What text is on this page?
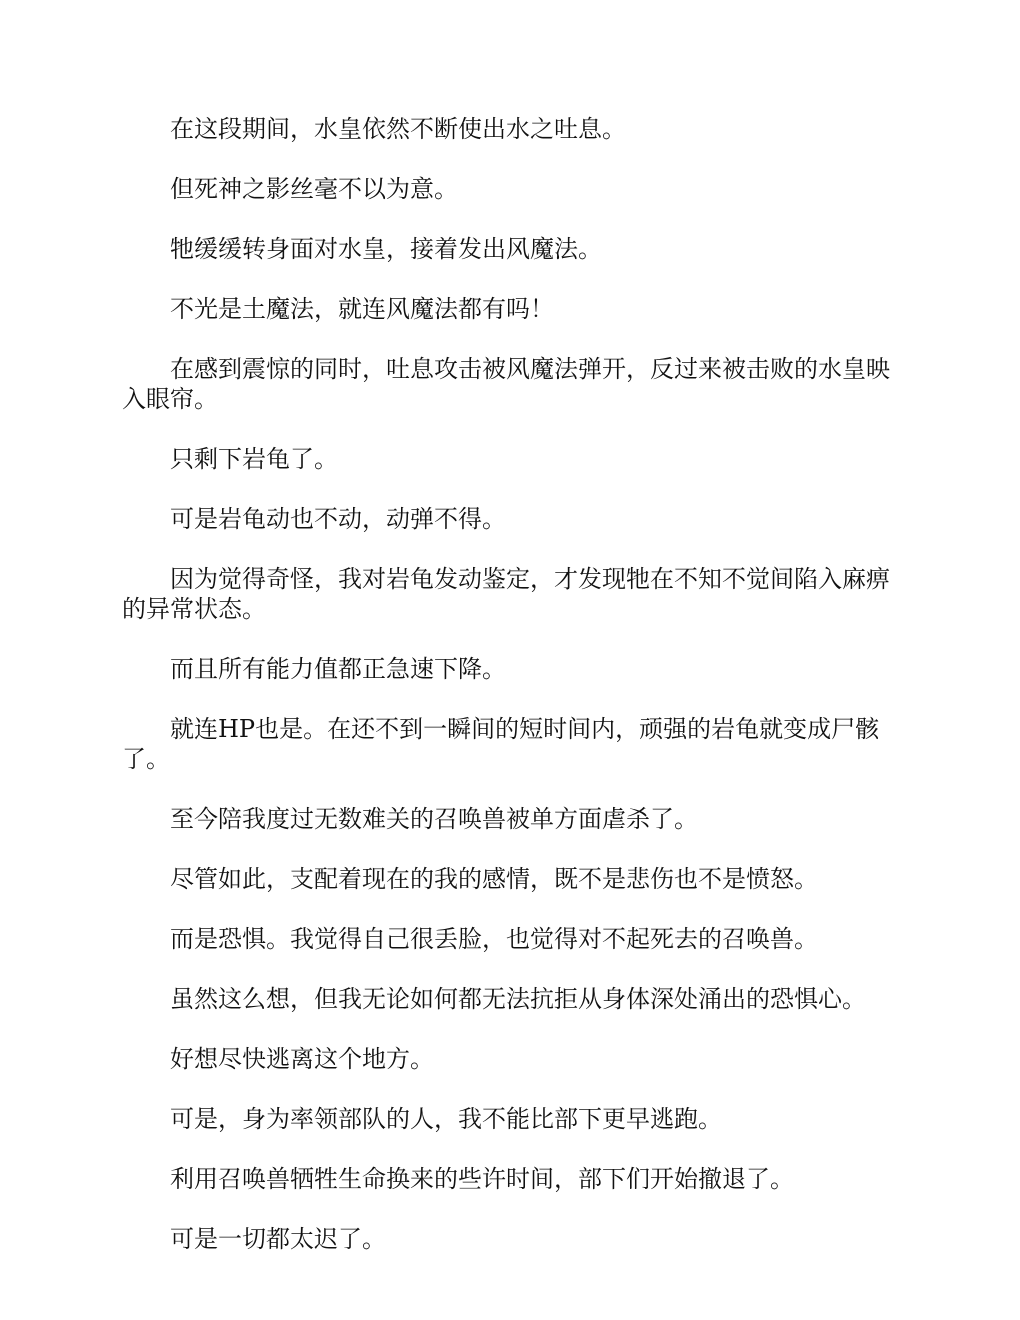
在这段期间，水皇依然不断使出水之吐息。

但死神之影丝毫不以为意。

牠缓缓转身面对水皇，接着发出风魔法。

不光是土魔法，就连风魔法都有吗！

在感到震惊的同时，吐息攻击被风魔法弹开，反过来被击败的水皇映入眼帘。

只剩下岩龟了。

可是岩龟动也不动，动弹不得。

因为觉得奇怪，我对岩龟发动鉴定，才发现牠在不知不觉间陷入麻痹的异常状态。

而且所有能力值都正急速下降。

就连HP也是。在还不到一瞬间的短时间内，顽强的岩龟就变成尸骸了。

至今陪我度过无数难关的召唤兽被单方面虐杀了。

尽管如此，支配着现在的我的感情，既不是悲伤也不是愤怒。

而是恐惧。我觉得自己很丢脸，也觉得对不起死去的召唤兽。

虽然这么想，但我无论如何都无法抗拒从身体深处涌出的恐惧心。

好想尽快逃离这个地方。

可是，身为率领部队的人，我不能比部下更早逃跑。

利用召唤兽牺牲生命换来的些许时间，部下们开始撤退了。

可是一切都太迟了。
